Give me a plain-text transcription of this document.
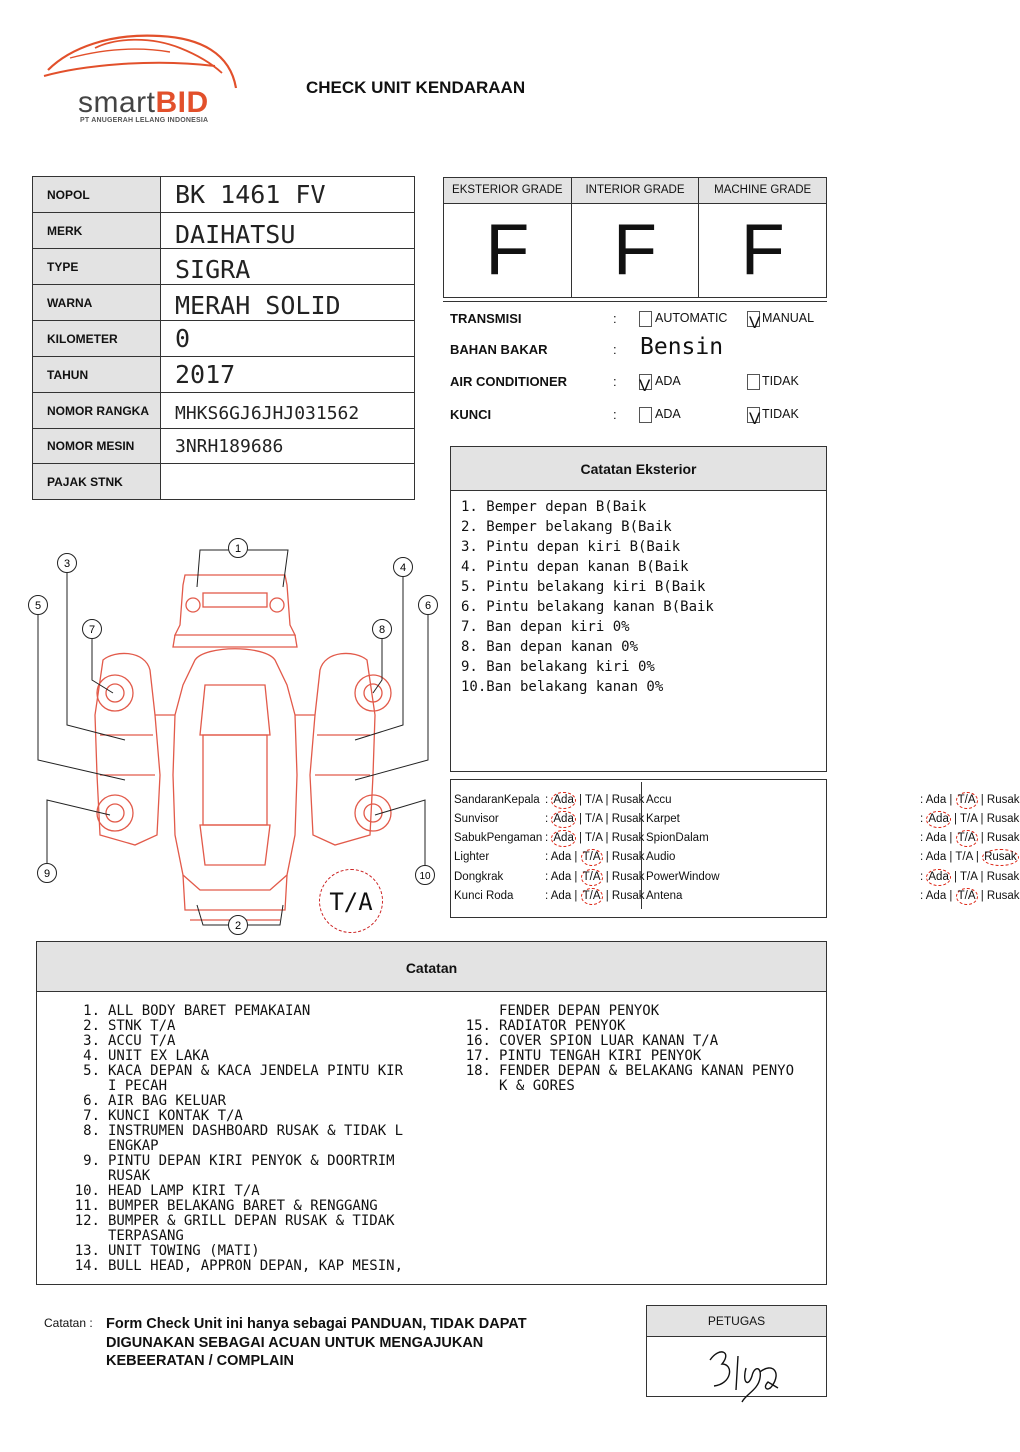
smartBID
PT ANUGERAH LELANG INDONESIA
CHECK UNIT KENDARAAN
NOPOL	BK 1461 FV
MERK	DAIHATSU
TYPE	SIGRA
WARNA	MERAH SOLID
KILOMETER	0
TAHUN	2017
NOMOR RANGKA	MHKS6GJ6JHJ031562
NOMOR MESIN	3NRH189686
PAJAK STNK
EKSTERIOR GRADE
F
INTERIOR GRADE
F
MACHINE GRADE
F
TRANSMISI	:	AUTOMATIC V MANUAL
BAHAN BAKAR	: Bensin
AIR CONDITIONER	: V ADA	TIDAK
KUNCI	:	ADA	V TIDAK
Catatan Eksterior
1. Bemper depan B(Baik
2. Bemper belakang B(Baik
3. Pintu depan kiri B(Baik
4. Pintu depan kanan B(Baik
5. Pintu belakang kiri B(Baik
6. Pintu belakang kanan B(Baik
7. Ban depan kiri 0%
8. Ban depan kanan 0%
9. Ban belakang kiri 0%
10.Ban belakang kanan 0%
SandaranKepala : Ada | T/A | Rusak
Sunvisor	: Ada | T/A | Rusak
SabukPengaman : Ada | T/A | Rusak
Lighter	: Ada | T/A | Rusak
Dongkrak	: Ada | T/A | Rusak
Kunci Roda	: Ada | T/A | Rusak
Accu	: Ada | T/A | Rusak
Karpet	: Ada | T/A | Rusak
SpionDalam	: Ada | T/A | Rusak
Audio	: Ada | T/A | Rusak
PowerWindow	: Ada | T/A | Rusak
Antena	: Ada | T/A | Rusak
1
2
3	4
5	6
7	8
9	10
T/A
Catatan
1. ALL BODY BARET PEMAKAIAN
2. STNK T/A
3. ACCU T/A
4. UNIT EX LAKA
5. KACA DEPAN & KACA JENDELA PINTU KIR
I PECAH
6. AIR BAG KELUAR
7. KUNCI KONTAK T/A
8. INSTRUMEN DASHBOARD RUSAK & TIDAK L
ENGKAP
9. PINTU DEPAN KIRI PENYOK & DOORTRIM
RUSAK
10. HEAD LAMP KIRI T/A
11. BUMPER BELAKANG BARET & RENGGANG
12. BUMPER & GRILL DEPAN RUSAK & TIDAK
TERPASANG
13. UNIT TOWING (MATI)
14. BULL HEAD, APPRON DEPAN, KAP MESIN,
FENDER DEPAN PENYOK
15. RADIATOR PENYOK
16. COVER SPION LUAR KANAN T/A
17. PINTU TENGAH KIRI PENYOK
18. FENDER DEPAN & BELAKANG KANAN PENYO
K & GORES
Catatan : Form Check Unit ini hanya sebagai PANDUAN, TIDAK DAPAT DIGUNAKAN SEBAGAI ACUAN UNTUK MENGAJUKAN KEBEERATAN / COMPLAIN
PETUGAS
